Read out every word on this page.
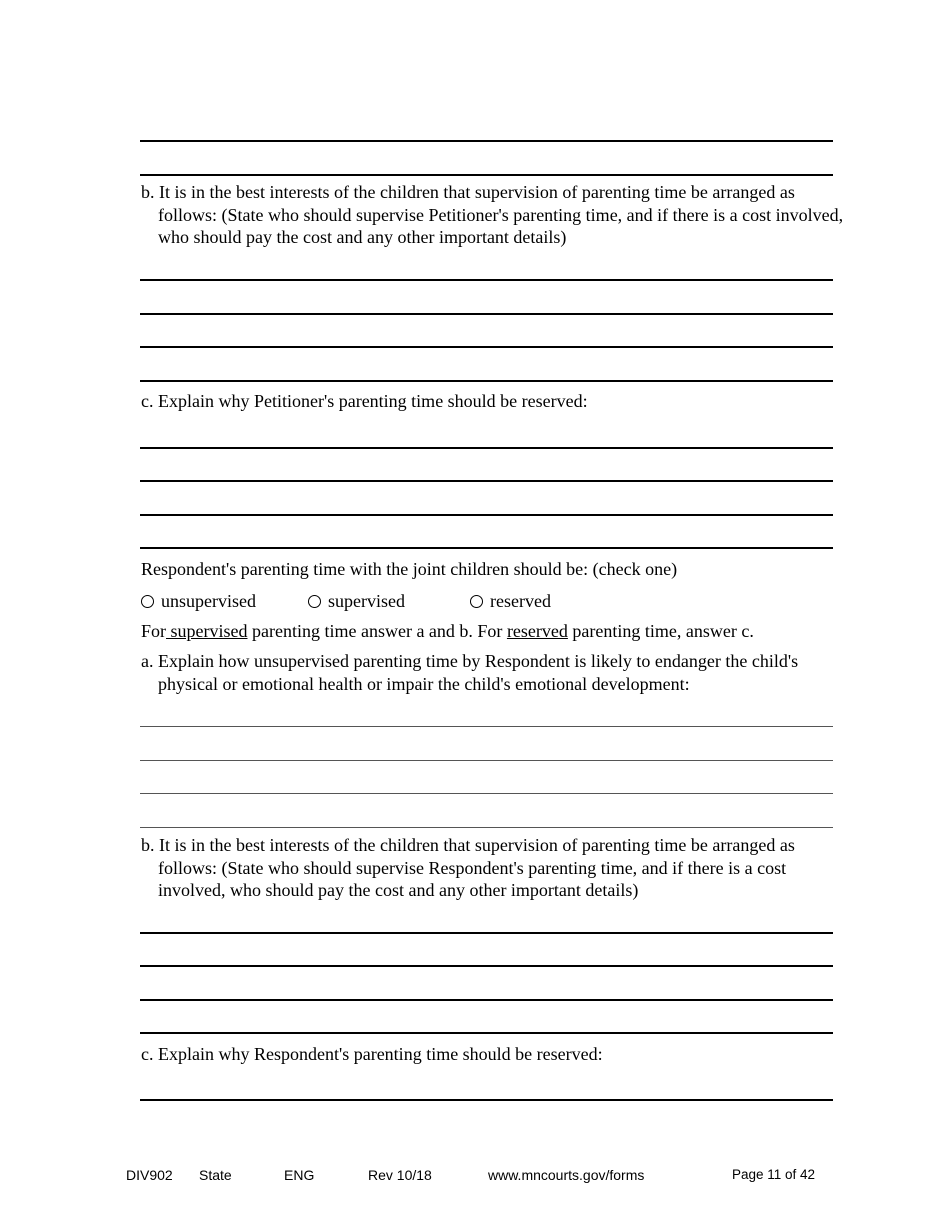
b. It is in the best interests of the children that supervision of parenting time be arranged as follows: (State who should supervise Petitioner's parenting time, and if there is a cost involved, who should pay the cost and any other important details)
c. Explain why Petitioner's parenting time should be reserved:
Respondent's parenting time with the joint children should be: (check one)
unsupervised	supervised	reserved
For supervised parenting time answer a and b. For reserved parenting time, answer c.
a. Explain how unsupervised parenting time by Respondent is likely to endanger the child's physical or emotional health or impair the child's emotional development:
b. It is in the best interests of the children that supervision of parenting time be arranged as follows: (State who should supervise Respondent's parenting time, and if there is a cost involved, who should pay the cost and any other important details)
c. Explain why Respondent's parenting time should be reserved:
DIV902 State	ENG	Rev 10/18	www.mncourts.gov/forms	Page 11 of 42
